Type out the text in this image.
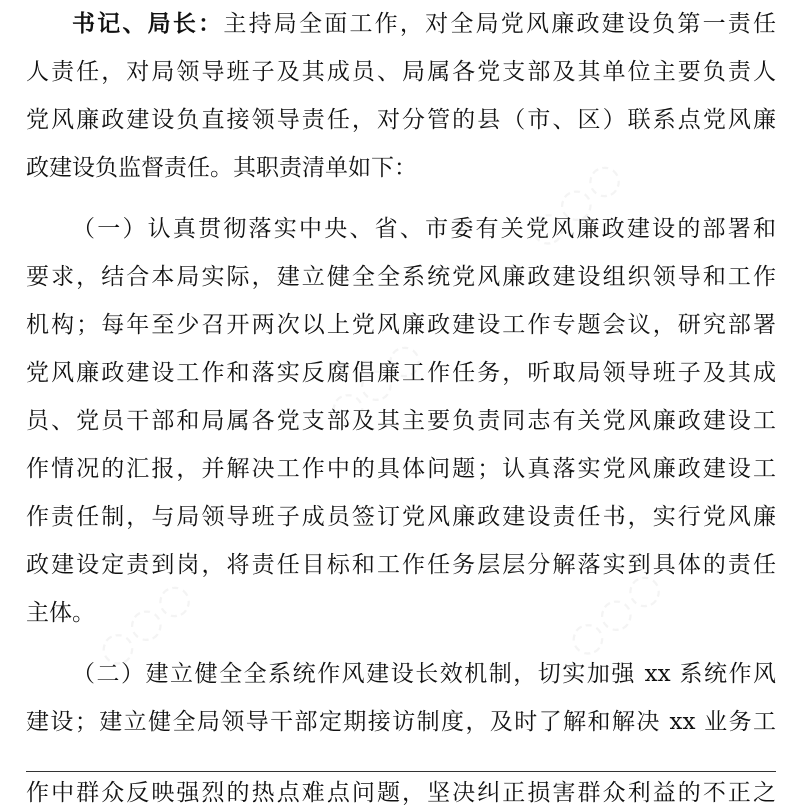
◌◌◌
◌◌◌
◌◌◌	◌◌◌
书记、局长：主持局全面工作，对全局党风廉政建设负第一责任
人责任，对局领导班子及其成员、局属各党支部及其单位主要负责人
党风廉政建设负直接领导责任，对分管的县（市、区）联系点党风廉
政建设负监督责任。其职责清单如下：
（一）认真贯彻落实中央、省、市委有关党风廉政建设的部署和
要求，结合本局实际，建立健全全系统党风廉政建设组织领导和工作
机构；每年至少召开两次以上党风廉政建设工作专题会议，研究部署
党风廉政建设工作和落实反腐倡廉工作任务，听取局领导班子及其成
员、党员干部和局属各党支部及其主要负责同志有关党风廉政建设工
作情况的汇报，并解决工作中的具体问题；认真落实党风廉政建设工
作责任制，与局领导班子成员签订党风廉政建设责任书，实行党风廉
政建设定责到岗，将责任目标和工作任务层层分解落实到具体的责任
主体。
（二）建立健全全系统作风建设长效机制，切实加强 xx 系统作风
建设；建立健全局领导干部定期接访制度，及时了解和解决 xx 业务工
作中群众反映强烈的热点难点问题，坚决纠正损害群众利益的不正之
